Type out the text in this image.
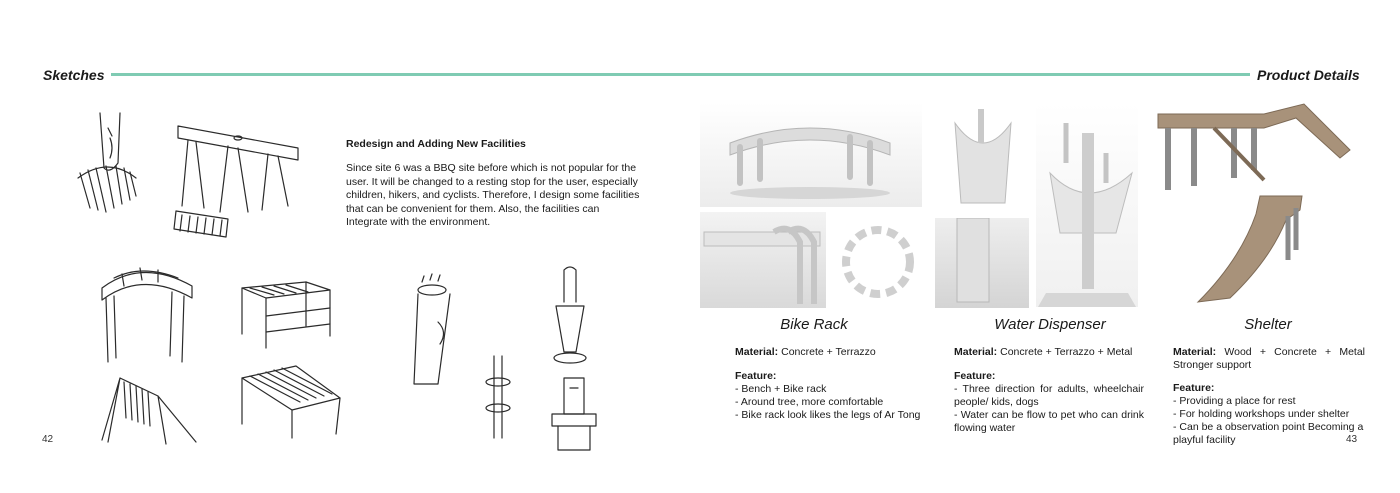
Sketches	Product Details
Redesign and Adding New Facilities
Since site 6 was a BBQ site before which is not popular for the user. It will be changed to a resting stop for the user, especially children, hikers, and cyclists. Therefore, I design some facilities that can be convenient for them. Also, the facilities can Integrate with the environment.
42
Bike Rack	Water Dispenser	Shelter
Material: Concrete + Terrazzo
Feature:
- Bench + Bike rack
- Around tree, more comfortable
- Bike rack look likes the legs of Ar Tong
Material: Concrete + Terrazzo + Metal
Feature:
- Three direction for adults, wheelchair people/ kids, dogs
- Water can be flow to pet who can drink flowing water
Material: Wood + Concrete + Metal Stronger support
Feature:
- Providing a place for rest
- For holding workshops under shelter
- Can be a observation point Becoming a playful facility	43
